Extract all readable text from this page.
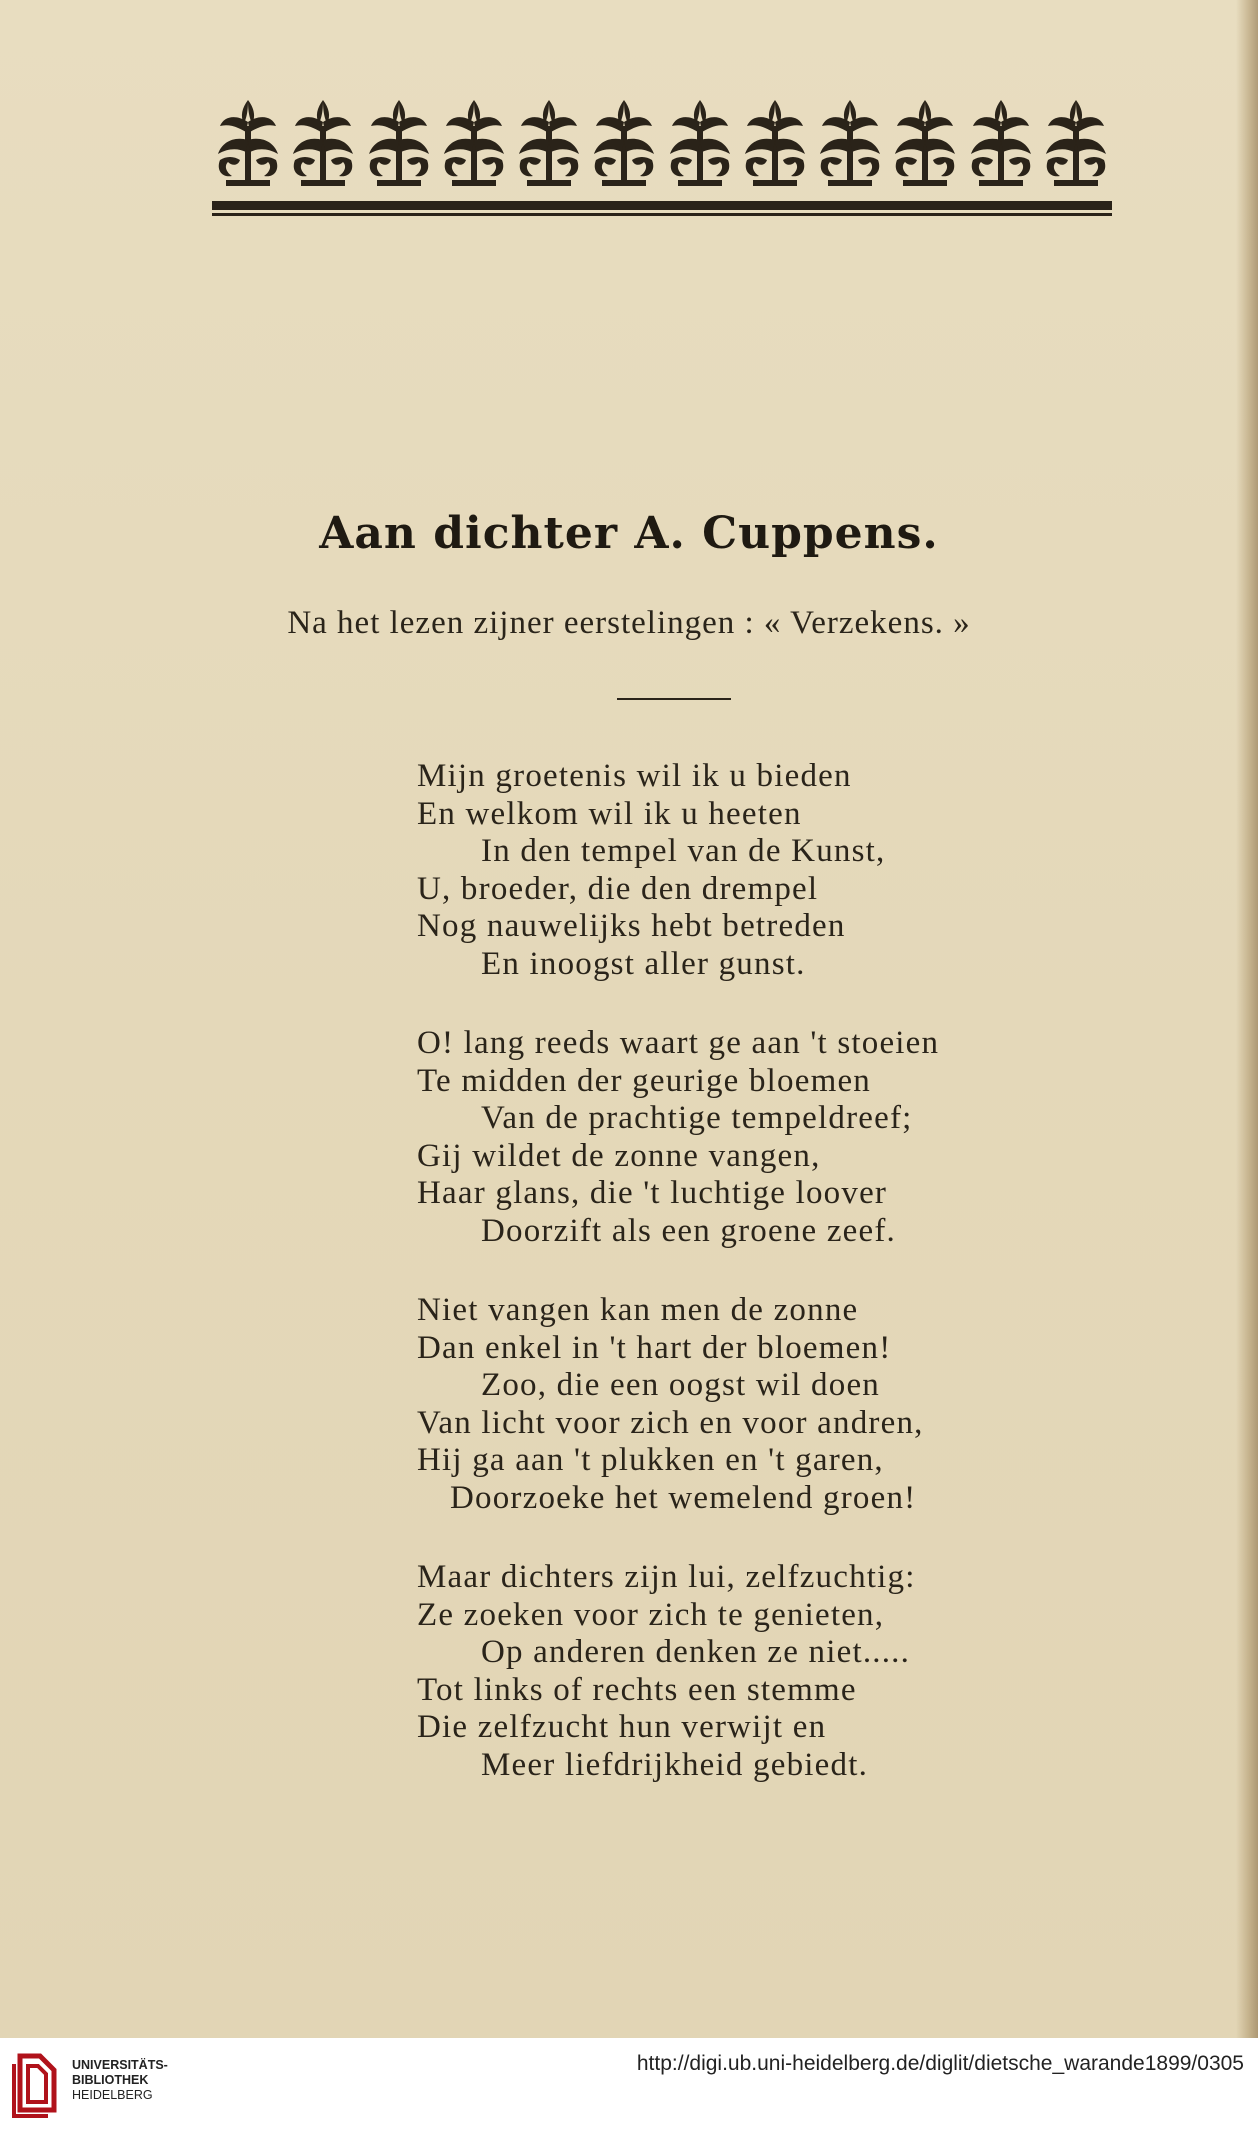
Aan dichter A. Cuppens.
Na het lezen zijner eerstelingen : « Verzekens. »
Mijn groetenis wil ik u bieden
En welkom wil ik u heeten
In den tempel van de Kunst,
U, broeder, die den drempel
Nog nauwelijks hebt betreden
En inoogst aller gunst.
O! lang reeds waart ge aan 't stoeien
Te midden der geurige bloemen
Van de prachtige tempeldreef;
Gij wildet de zonne vangen,
Haar glans, die 't luchtige loover
Doorzift als een groene zeef.
Niet vangen kan men de zonne
Dan enkel in 't hart der bloemen!
Zoo, die een oogst wil doen
Van licht voor zich en voor andren,
Hij ga aan 't plukken en 't garen,
Doorzoeke het wemelend groen!
Maar dichters zijn lui, zelfzuchtig:
Ze zoeken voor zich te genieten,
Op anderen denken ze niet.....
Tot links of rechts een stemme
Die zelfzucht hun verwijt en
Meer liefdrijkheid gebiedt.
UNIVERSITÄTS-
BIBLIOTHEK
HEIDELBERG
http://digi.ub.uni-heidelberg.de/diglit/dietsche_warande1899/0305
